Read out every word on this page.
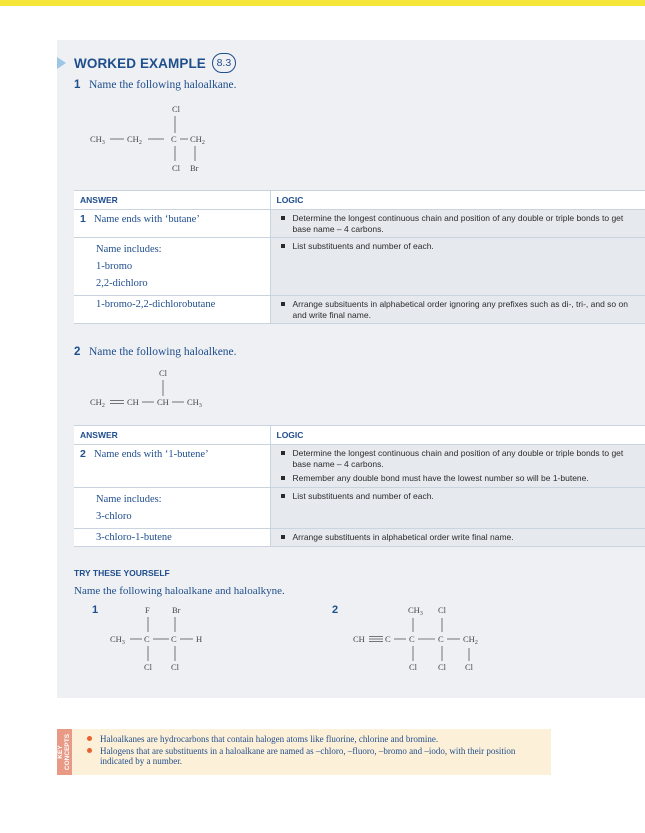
WORKED EXAMPLE	8.3
1 Name the following haloalkane.
Cl
$CH_3$	$CH_2$	C $CH_2$
Cl Br
ANSWER	LOGIC
1 Name ends with ‘butane’	Determine the longest continuous chain and position of any double or triple bonds to get base name – 4 carbons.

Name includes:
1-bromo
2,2-dichloro	List substituents and number of each.

1-bromo-2,2-dichlorobutane	Arrange subsituents in alphabetical order ignoring any prefixes such as di-, tri-, and so on and write final name.
2 Name the following haloalkene.
Cl
$CH_2$	CH CH $CH_3$
ANSWER	LOGIC
2 Name ends with ‘1-butene’	Determine the longest continuous chain and position of any double or triple bonds to get base name – 4 carbons.
Remember any double bond must have the lowest number so will be 1-butene.

Name includes:
3-chloro	List substituents and number of each.

3-chloro-1-butene	Arrange substituents in alphabetical order write final name.
TRY THESE YOURSELF
Name the following haloalkane and haloalkyne.
1	F	Br
$CH_3$ C	C H
Cl Cl
2	$CH_3$ Cl
CH C C	C $CH_2$
Cl Cl Cl
KEY CONCEPTS	Haloalkanes are hydrocarbons that contain halogen atoms like fluorine, chlorine and bromine.
Halogens that are substituents in a haloalkane are named as –chloro, –fluoro, –bromo and –iodo, with their position indicated by a number.
